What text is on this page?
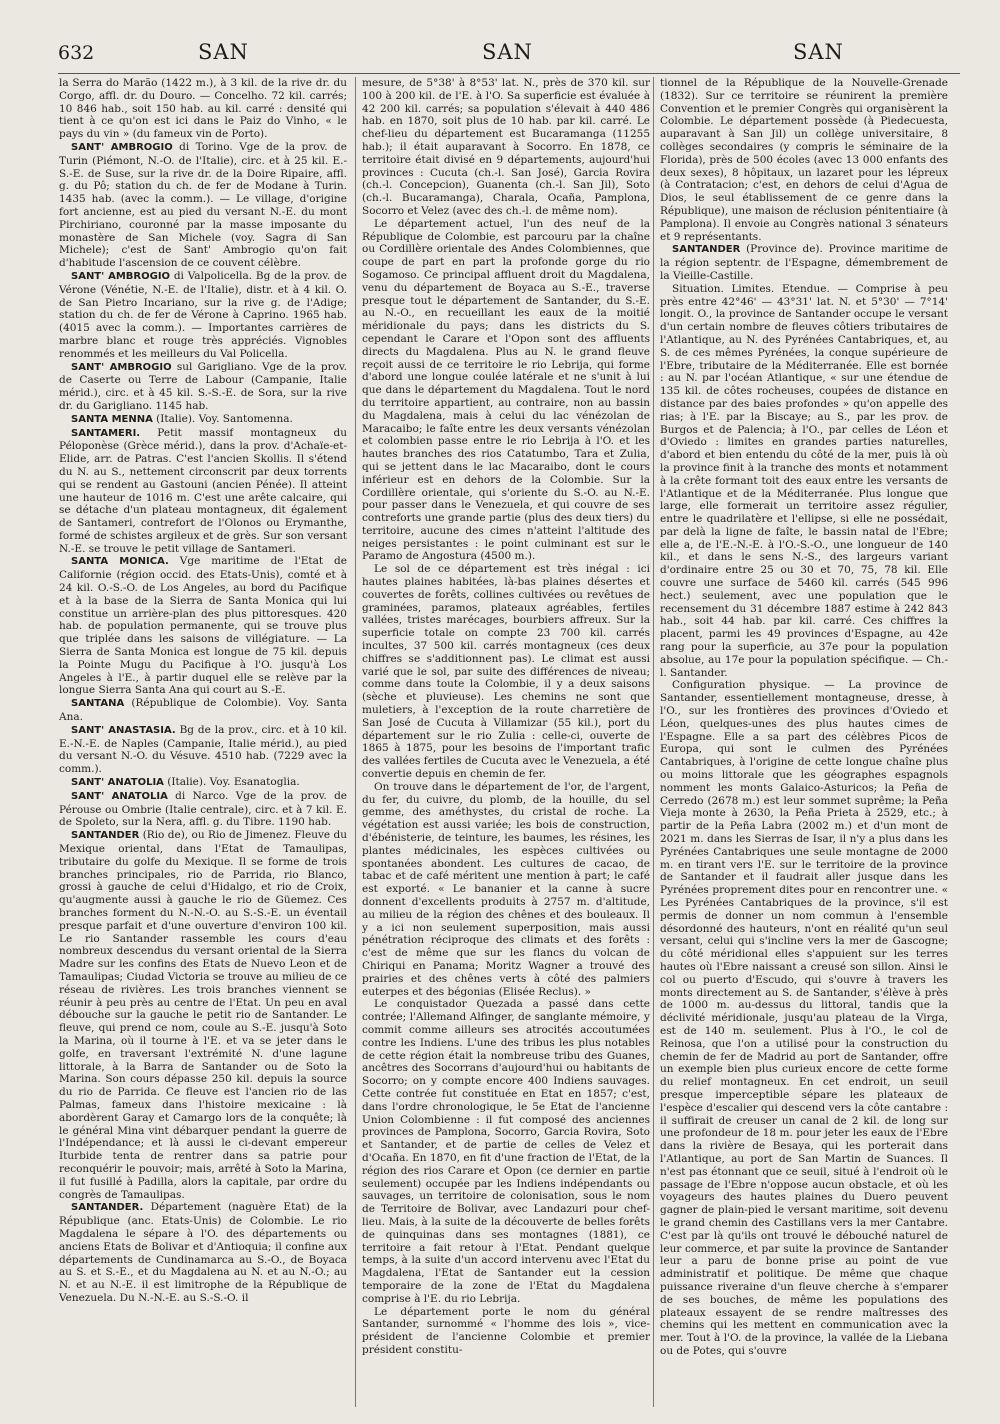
632	SAN	SAN	SAN

la Serra do Marão (1422 m.), à 3 kil. de la rive dr. du Corgo, affl. dr. du Douro. — Concelho. 72 kil. carrés; 10 846 hab., soit 150 hab. au kil. carré : densité qui tient à ce qu'on est ici dans le Paiz do Vinho, « le pays du vin » (du fameux vin de Porto).

SANT' AMBROGIO di Torino. Vge de la prov. de Turin (Piémont, N.-O. de l'Italie), circ. et à 25 kil. E.-S.-E. de Suse, sur la rive dr. de la Doire Ripaire, affl. g. du Pô; station du ch. de fer de Modane à Turin. 1435 hab. (avec la comm.). — Le village, d'origine fort ancienne, est au pied du versant N.-E. du mont Pirchiriano, couronné par la masse imposante du monastère de San Michele (voy. Sagra di San Michele); c'est de Sant' Ambrogio qu'on fait d'habitude l'ascension de ce couvent célèbre.

SANT' AMBROGIO di Valpolicella. Bg de la prov. de Vérone (Vénétie, N.-E. de l'Italie), distr. et à 4 kil. O. de San Pietro Incariano, sur la rive g. de l'Adige; station du ch. de fer de Vérone à Caprino. 1965 hab. (4015 avec la comm.). — Importantes carrières de marbre blanc et rouge très appréciés. Vignobles renommés et les meilleurs du Val Policella.

SANT' AMBROGIO sul Garigliano. Vge de la prov. de Caserte ou Terre de Labour (Campanie, Italie mérid.), circ. et à 45 kil. S.-S.-E. de Sora, sur la rive dr. du Garigliano. 1145 hab.

SANTA MENNA (Italie). Voy. Santomenna.

SANTAMERI. Petit massif montagneux du Péloponèse (Grèce mérid.), dans la prov. d'Achaïe-et-Elide, arr. de Patras. C'est l'ancien Skollis. Il s'étend du N. au S., nettement circonscrit par deux torrents qui se rendent au Gastouni (ancien Pénée). Il atteint une hauteur de 1016 m. C'est une arête calcaire, qui se détache d'un plateau montagneux, dit également de Santameri, contrefort de l'Olonos ou Erymanthe, formé de schistes argileux et de grès. Sur son versant N.-E. se trouve le petit village de Santameri.

SANTA MONICA. Vge maritime de l'Etat de Californie (région occid. des Etats-Unis), comté et à 24 kil. O.-S.-O. de Los Angeles, au bord du Pacifique et à la base de la Sierra de Santa Monica qui lui constitue un arrière-plan des plus pittoresques. 420 hab. de population permanente, qui se trouve plus que triplée dans les saisons de villégiature. — La Sierra de Santa Monica est longue de 75 kil. depuis la Pointe Mugu du Pacifique à l'O. jusqu'à Los Angeles à l'E., à partir duquel elle se relève par la longue Sierra Santa Ana qui court au S.-E.

SANTANA (République de Colombie). Voy. Santa Ana.

SANT' ANASTASIA. Bg de la prov., circ. et à 10 kil. E.-N.-E. de Naples (Campanie, Italie mérid.), au pied du versant N.-O. du Vésuve. 4510 hab. (7229 avec la comm.).

SANT' ANATOLIA (Italie). Voy. Esanatoglia.

SANT' ANATOLIA di Narco. Vge de la prov. de Pérouse ou Ombrie (Italie centrale), circ. et à 7 kil. E. de Spoleto, sur la Nera, affl. g. du Tibre. 1190 hab.

SANTANDER (Rio de), ou Rio de Jimenez. Fleuve du Mexique oriental, dans l'Etat de Tamaulipas, tributaire du golfe du Mexique. Il se forme de trois branches principales, rio de Parrida, rio Blanco, grossi à gauche de celui d'Hidalgo, et rio de Croix, qu'augmente aussi à gauche le rio de Güemez. Ces branches forment du N.-N.-O. au S.-S.-E. un éventail presque parfait et d'une ouverture d'environ 100 kil. Le rio Santander rassemble les cours d'eau nombreux descendus du versant oriental de la Sierra Madre sur les confins des Etats de Nuevo Leon et de Tamaulipas; Ciudad Victoria se trouve au milieu de ce réseau de rivières. Les trois branches viennent se réunir à peu près au centre de l'Etat. Un peu en aval débouche sur la gauche le petit rio de Santander. Le fleuve, qui prend ce nom, coule au S.-E. jusqu'à Soto la Marina, où il tourne à l'E. et va se jeter dans le golfe, en traversant l'extrémité N. d'une lagune littorale, à la Barra de Santander ou de Soto la Marina. Son cours dépasse 250 kil. depuis la source du rio de Parrida. Ce fleuve est l'ancien rio de las Palmas, fameux dans l'histoire mexicaine : là abordèrent Garay et Camargo lors de la conquête; là le général Mina vint débarquer pendant la guerre de l'Indépendance; et là aussi le ci-devant empereur Iturbide tenta de rentrer dans sa patrie pour reconquérir le pouvoir; mais, arrêté à Soto la Marina, il fut fusillé à Padilla, alors la capitale, par ordre du congrès de Tamaulipas.

SANTANDER. Département (naguère Etat) de la République (anc. Etats-Unis) de Colombie. Le rio Magdalena le sépare à l'O. des départements ou anciens Etats de Bolivar et d'Antioquia; il confine aux départements de Cundinamarca au S.-O., de Boyaca au S. et S.-E., et du Magdalena au N. et au N.-O.; au N. et au N.-E. il est limitrophe de la République de Venezuela. Du N.-N.-E. au S.-S.-O. il

mesure, de 5°38' à 8°53' lat. N., près de 370 kil. sur 100 à 200 kil. de l'E. à l'O. Sa superficie est évaluée à 42 200 kil. carrés; sa population s'élevait à 440 486 hab. en 1870, soit plus de 10 hab. par kil. carré. Le chef-lieu du département est Bucaramanga (11255 hab.); il était auparavant à Socorro. En 1878, ce territoire était divisé en 9 départements, aujourd'hui provinces : Cucuta (ch.-l. San José), Garcia Rovira (ch.-l. Concepcion), Guanenta (ch.-l. San Jil), Soto (ch.-l. Bucaramanga), Charala, Ocaña, Pamplona, Socorro et Velez (avec des ch.-l. de même nom).

Le département actuel, l'un des neuf de la République de Colombie, est parcouru par la chaîne ou Cordillère orientale des Andes Colombiennes, que coupe de part en part la profonde gorge du rio Sogamoso. Ce principal affluent droit du Magdalena, venu du département de Boyaca au S.-E., traverse presque tout le département de Santander, du S.-E. au N.-O., en recueillant les eaux de la moitié méridionale du pays; dans les districts du S. cependant le Carare et l'Opon sont des affluents directs du Magdalena. Plus au N. le grand fleuve reçoit aussi de ce territoire le rio Lebrija, qui forme d'abord une longue coulée latérale et ne s'unit à lui que dans le département du Magdalena. Tout le nord du territoire appartient, au contraire, non au bassin du Magdalena, mais à celui du lac vénézolan de Maracaibo; le faîte entre les deux versants vénézolan et colombien passe entre le rio Lebrija à l'O. et les hautes branches des rios Catatumbo, Tara et Zulia, qui se jettent dans le lac Macaraibo, dont le cours inférieur est en dehors de la Colombie. Sur la Cordillère orientale, qui s'oriente du S.-O. au N.-E. pour passer dans le Venezuela, et qui couvre de ses contreforts une grande partie (plus des deux tiers) du territoire, aucune des cimes n'atteint l'altitude des neiges persistantes : le point culminant est sur le Paramo de Angostura (4500 m.).

Le sol de ce département est très inégal : ici hautes plaines habitées, là-bas plaines désertes et couvertes de forêts, collines cultivées ou revêtues de graminées, paramos, plateaux agréables, fertiles vallées, tristes marécages, bourbiers affreux. Sur la superficie totale on compte 23 700 kil. carrés incultes, 37 500 kil. carrés montagneux (ces deux chiffres se s'additionnent pas). Le climat est aussi varié que le sol, par suite des différences de niveau; comme dans toute la Colombie, il y a deux saisons (sèche et pluvieuse). Les chemins ne sont que muletiers, à l'exception de la route charretière de San José de Cucuta à Villamizar (55 kil.), port du département sur le rio Zulia : celle-ci, ouverte de 1865 à 1875, pour les besoins de l'important trafic des vallées fertiles de Cucuta avec le Venezuela, a été convertie depuis en chemin de fer.

On trouve dans le département de l'or, de l'argent, du fer, du cuivre, du plomb, de la houille, du sel gemme, des améthystes, du cristal de roche. La végétation est aussi variée; les bois de construction, d'ébénisterie, de teinture, les baumes, les résines, les plantes médicinales, les espèces cultivées ou spontanées abondent. Les cultures de cacao, de tabac et de café méritent une mention à part; le café est exporté. « Le bananier et la canne à sucre donnent d'excellents produits à 2757 m. d'altitude, au milieu de la région des chênes et des bouleaux. Il y a ici non seulement superposition, mais aussi pénétration réciproque des climats et des forêts : c'est de même que sur les flancs du volcan de Chiriqui en Panama; Moritz Wagner a trouvé des prairies et des chênes verts à côté des palmiers euterpes et des bégonias (Elisée Reclus). »

Le conquistador Quezada a passé dans cette contrée; l'Allemand Alfinger, de sanglante mémoire, y commit comme ailleurs ses atrocités accoutumées contre les Indiens. L'une des tribus les plus notables de cette région était la nombreuse tribu des Guanes, ancêtres des Socorrans d'aujourd'hui ou habitants de Socorro; on y compte encore 400 Indiens sauvages. Cette contrée fut constituée en Etat en 1857; c'est, dans l'ordre chronologique, le 5e Etat de l'ancienne Union Colombienne : il fut composé des anciennes provinces de Pamplona, Socorro, Garcia Rovira, Soto et Santander, et de partie de celles de Velez et d'Ocaña. En 1870, en fit d'une fraction de l'Etat, de la région des rios Carare et Opon (ce dernier en partie seulement) occupée par les Indiens indépendants ou sauvages, un territoire de colonisation, sous le nom de Territoire de Bolivar, avec Landazuri pour chef-lieu. Mais, à la suite de la découverte de belles forêts de quinquinas dans ses montagnes (1881), ce territoire a fait retour à l'Etat. Pendant quelque temps, à la suite d'un accord intervenu avec l'Etat du Magdalena, l'Etat de Santander eut la cession temporaire de la zone de l'Etat du Magdalena comprise à l'E. du rio Lebrija.

Le département porte le nom du général Santander, surnommé « l'homme des lois », vice-président de l'ancienne Colombie et premier président constitu-

tionnel de la République de la Nouvelle-Grenade (1832). Sur ce territoire se réunirent la première Convention et le premier Congrès qui organisèrent la Colombie. Le département possède (à Piedecuesta, auparavant à San Jil) un collège universitaire, 8 collèges secondaires (y compris le séminaire de la Florida), près de 500 écoles (avec 13 000 enfants des deux sexes), 8 hôpitaux, un lazaret pour les lépreux (à Contratacion; c'est, en dehors de celui d'Agua de Dios, le seul établissement de ce genre dans la République), une maison de réclusion pénitentiaire (à Pamplona). Il envoie au Congrès national 3 sénateurs et 9 représentants.

SANTANDER (Province de). Province maritime de la région septentr. de l'Espagne, démembrement de la Vieille-Castille.

Situation. Limites. Etendue. — Comprise à peu près entre 42°46' — 43°31' lat. N. et 5°30' — 7°14' longit. O., la province de Santander occupe le versant d'un certain nombre de fleuves côtiers tributaires de l'Atlantique, au N. des Pyrénées Cantabriques, et, au S. de ces mêmes Pyrénées, la conque supérieure de l'Ebre, tributaire de la Méditerranée. Elle est bornée : au N. par l'océan Atlantique, « sur une étendue de 135 kil. de côtes rocheuses, coupées de distance en distance par des baies profondes » qu'on appelle des rias; à l'E. par la Biscaye; au S., par les prov. de Burgos et de Palencia; à l'O., par celles de Léon et d'Oviedo : limites en grandes parties naturelles, d'abord et bien entendu du côté de la mer, puis là où la province finit à la tranche des monts et notamment à la crête formant toit des eaux entre les versants de l'Atlantique et de la Méditerranée. Plus longue que large, elle formerait un territoire assez régulier, entre le quadrilatère et l'ellipse, si elle ne possédait, par delà la ligne de faîte, le bassin natal de l'Ebre; elle a, de l'E.-N.-E. à l'O.-S.-O., une longueur de 140 kil., et dans le sens N.-S., des largeurs variant d'ordinaire entre 25 ou 30 et 70, 75, 78 kil. Elle couvre une surface de 5460 kil. carrés (545 996 hect.) seulement, avec une population que le recensement du 31 décembre 1887 estime à 242 843 hab., soit 44 hab. par kil. carré. Ces chiffres la placent, parmi les 49 provinces d'Espagne, au 42e rang pour la superficie, au 37e pour la population absolue, au 17e pour la population spécifique. — Ch.-l. Santander.

Configuration physique. — La province de Santander, essentiellement montagneuse, dresse, à l'O., sur les frontières des provinces d'Oviedo et Léon, quelques-unes des plus hautes cimes de l'Espagne. Elle a sa part des célèbres Picos de Europa, qui sont le culmen des Pyrénées Cantabriques, à l'origine de cette longue chaîne plus ou moins littorale que les géographes espagnols nomment les monts Galaico-Asturicos; la Peña de Cerredo (2678 m.) est leur sommet suprême; la Peña Vieja monte à 2630, la Peña Prieta à 2529, etc.; à partir de la Peña Labra (2002 m.) et d'un mont de 2021 m. dans les Sierras de Isar, il n'y a plus dans les Pyrénées Cantabriques une seule montagne de 2000 m. en tirant vers l'E. sur le territoire de la province de Santander et il faudrait aller jusque dans les Pyrénées proprement dites pour en rencontrer une. « Les Pyrénées Cantabriques de la province, s'il est permis de donner un nom commun à l'ensemble désordonné des hauteurs, n'ont en réalité qu'un seul versant, celui qui s'incline vers la mer de Gascogne; du côté méridional elles s'appuient sur les terres hautes où l'Ebre naissant a creusé son sillon. Ainsi le col ou puerto d'Escudo, qui s'ouvre à travers les monts directement au S. de Santander, s'élève à près de 1000 m. au-dessus du littoral, tandis que la déclivité méridionale, jusqu'au plateau de la Virga, est de 140 m. seulement. Plus à l'O., le col de Reinosa, que l'on a utilisé pour la construction du chemin de fer de Madrid au port de Santander, offre un exemple bien plus curieux encore de cette forme du relief montagneux. En cet endroit, un seuil presque imperceptible sépare les plateaux de l'espèce d'escalier qui descend vers la côte cantabre : il suffirait de creuser un canal de 2 kil. de long sur une profondeur de 18 m. pour jeter les eaux de l'Ebre dans la rivière de Besaya, qui les porterait dans l'Atlantique, au port de San Martin de Suances. Il n'est pas étonnant que ce seuil, situé à l'endroit où le passage de l'Ebre n'oppose aucun obstacle, et où les voyageurs des hautes plaines du Duero peuvent gagner de plain-pied le versant maritime, soit devenu le grand chemin des Castillans vers la mer Cantabre. C'est par là qu'ils ont trouvé le débouché naturel de leur commerce, et par suite la province de Santander leur a paru de bonne prise au point de vue administratif et politique. De même que chaque puissance riveraine d'un fleuve cherche à s'emparer de ses bouches, de même les populations des plateaux essayent de se rendre maîtresses des chemins qui les mettent en communication avec la mer. Tout à l'O. de la province, la vallée de la Liebana ou de Potes, qui s'ouvre
